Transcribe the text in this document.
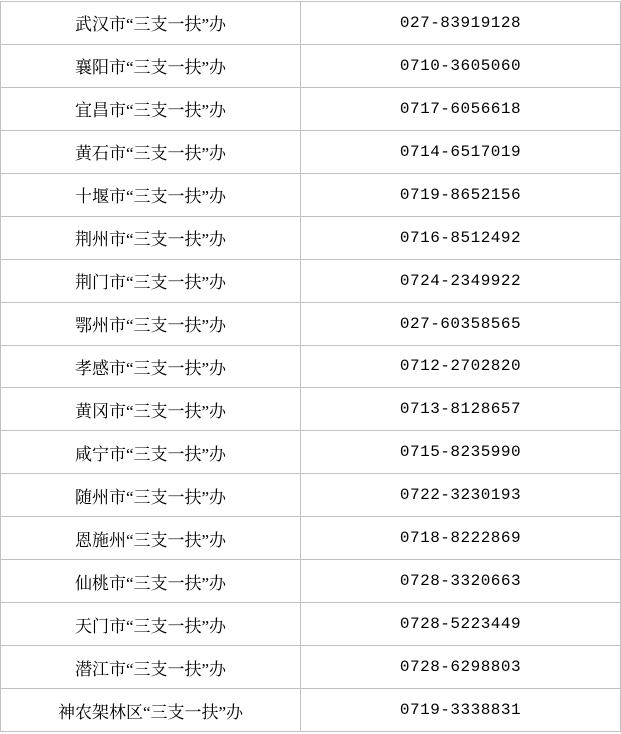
武汉市“三支一扶”办	027-83919128
襄阳市“三支一扶”办	0710-3605060
宜昌市“三支一扶”办	0717-6056618
黄石市“三支一扶”办	0714-6517019
十堰市“三支一扶”办	0719-8652156
荆州市“三支一扶”办	0716-8512492
荆门市“三支一扶”办	0724-2349922
鄂州市“三支一扶”办	027-60358565
孝感市“三支一扶”办	0712-2702820
黄冈市“三支一扶”办	0713-8128657
咸宁市“三支一扶”办	0715-8235990
随州市“三支一扶”办	0722-3230193
恩施州“三支一扶”办	0718-8222869
仙桃市“三支一扶”办	0728-3320663
天门市“三支一扶”办	0728-5223449
潜江市“三支一扶”办	0728-6298803
神农架林区“三支一扶”办	0719-3338831
